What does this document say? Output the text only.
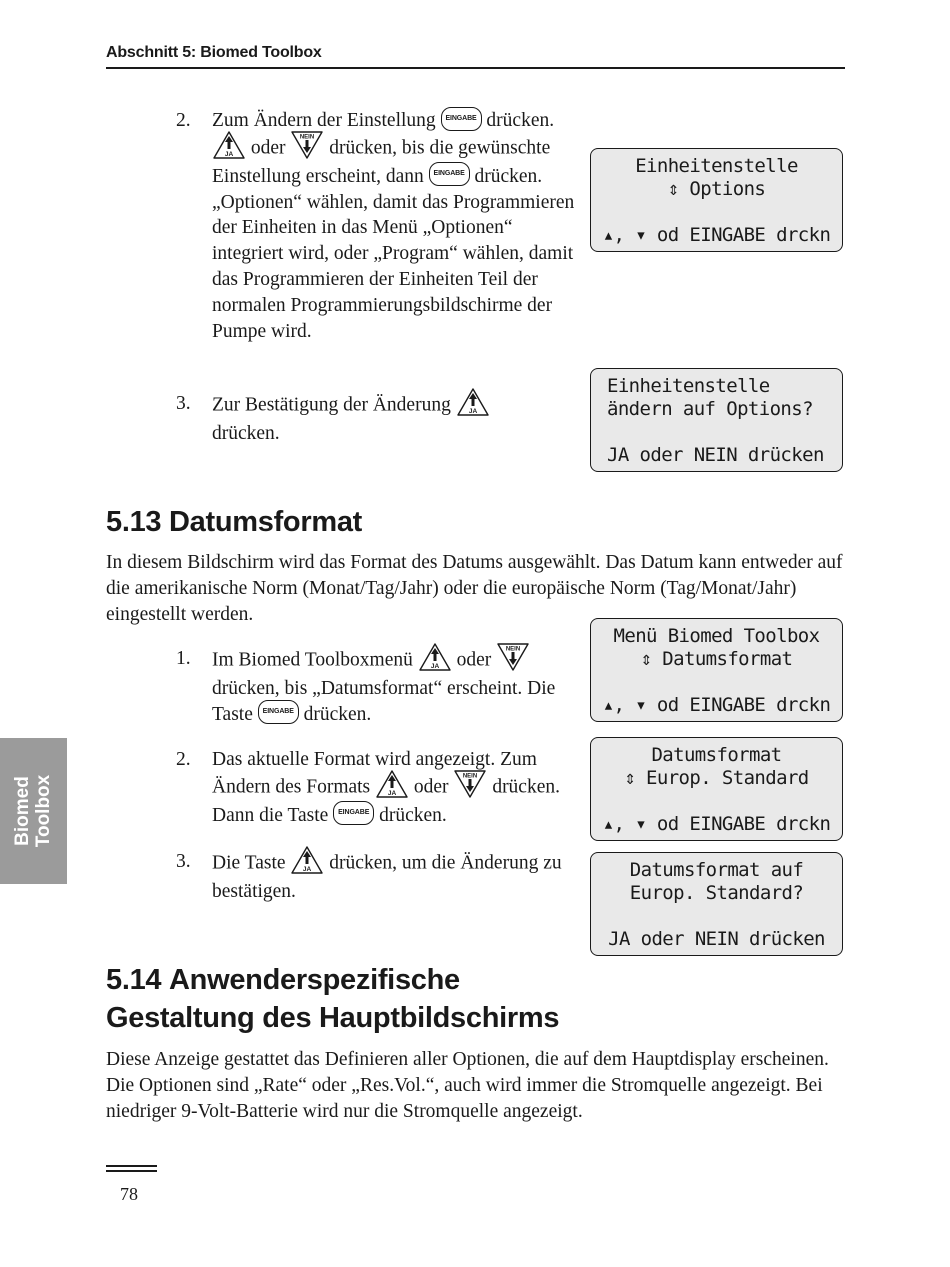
Abschnitt 5: Biomed Toolbox
2. Zum Ändern der Einstellung EINGABE drücken.
JA oder NEIN drücken, bis die gewünschte Einstellung erscheint, dann EINGABE drücken. „Optionen“ wählen, damit das Programmieren der Einheiten in das Menü „Optionen“ integriert wird, oder „Program“ wählen, damit das Programmieren der Einheiten Teil der normalen Programmierungsbildschirme der Pumpe wird.
3. Zur Bestätigung der Änderung	JA
drücken.
Einheitenstelle
⇕ Options
▴, ▾ od EINGABE drckn
Einheitenstelle
ändern auf Options?
JA oder NEIN drücken
5.13 Datumsformat
In diesem Bildschirm wird das Format des Datums ausgewählt. Das Datum kann entweder auf die amerikanische Norm (Monat/Tag/Jahr) oder die europäische Norm (Tag/Monat/Jahr) eingestellt werden.
1. Im Biomed Toolboxmenü	JA oder NEIN
drücken, bis „Datumsformat“ erscheint. Die Taste EINGABE drücken.
2. Das aktuelle Format wird angezeigt. Zum Ändern des Formats	JA oder NEIN drücken. Dann die Taste EINGABE drücken.
3. Die Taste	JA drücken, um die Änderung zu bestätigen.
Menü Biomed Toolbox
⇕ Datumsformat
▴, ▾ od EINGABE drckn
Datumsformat
⇕ Europ. Standard
▴, ▾ od EINGABE drckn
Datumsformat auf
Europ. Standard?
JA oder NEIN drücken
5.14 Anwenderspezifische
Gestaltung des Hauptbildschirms
Diese Anzeige gestattet das Definieren aller Optionen, die auf dem Hauptdisplay erscheinen. Die Optionen sind „Rate“ oder „Res.Vol.“, auch wird immer die Stromquelle angezeigt. Bei niedriger 9-Volt-Batterie wird nur die Stromquelle angezeigt.
Biomed
Toolbox
78
